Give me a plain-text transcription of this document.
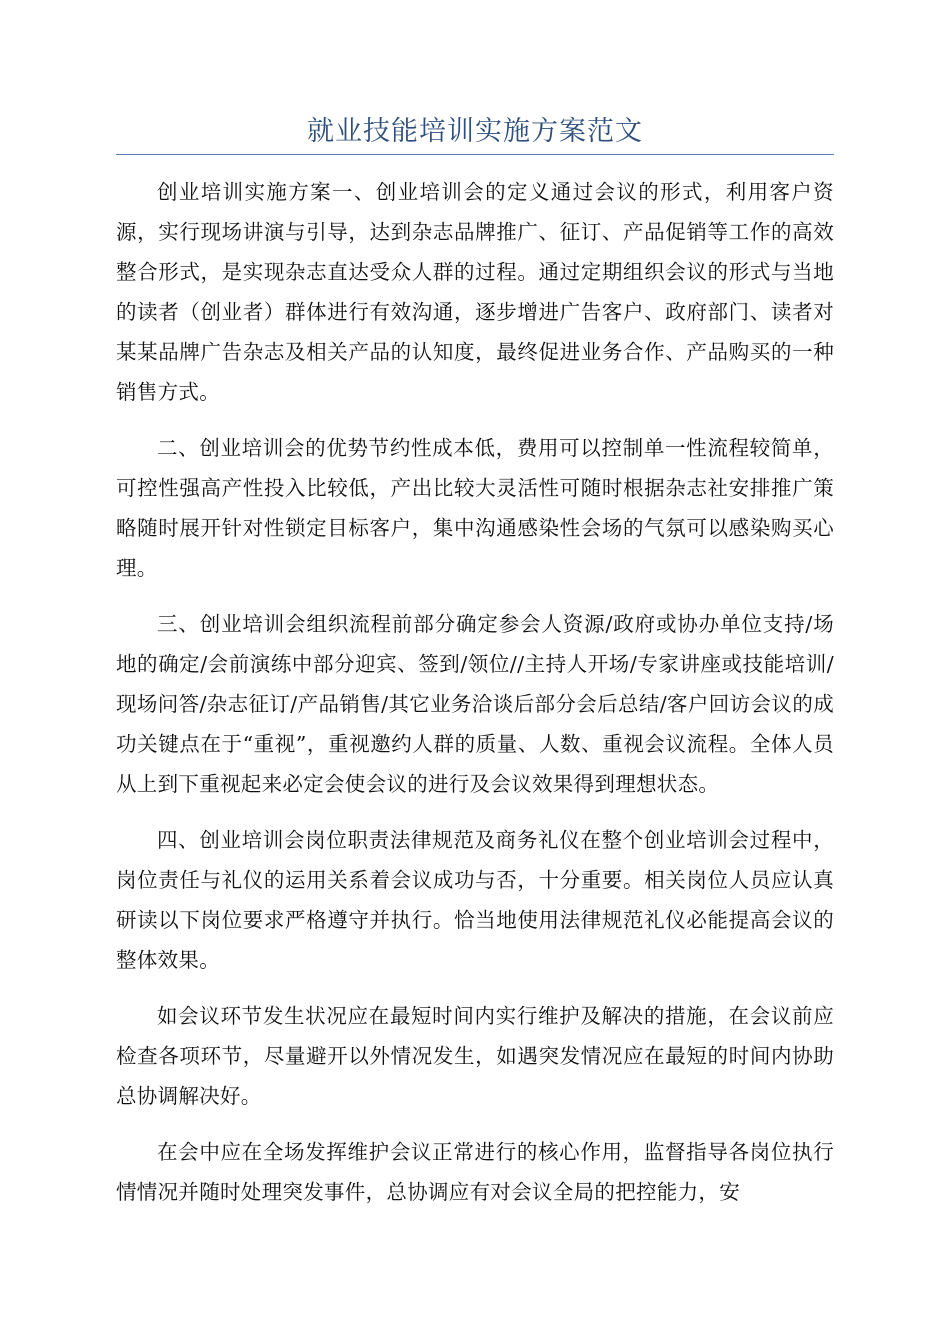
就业技能培训实施方案范文

创业培训实施方案一、创业培训会的定义通过会议的形式，利用客户资源，实行现场讲演与引导，达到杂志品牌推广、征订、产品促销等工作的高效整合形式，是实现杂志直达受众人群的过程。通过定期组织会议的形式与当地的读者（创业者）群体进行有效沟通，逐步增进广告客户、政府部门、读者对某某品牌广告杂志及相关产品的认知度，最终促进业务合作、产品购买的一种销售方式。

二、创业培训会的优势节约性成本低，费用可以控制单一性流程较简单，可控性强高产性投入比较低，产出比较大灵活性可随时根据杂志社安排推广策略随时展开针对性锁定目标客户，集中沟通感染性会场的气氛可以感染购买心理。

三、创业培训会组织流程前部分确定参会人资源/政府或协办单位支持/场地的确定/会前演练中部分迎宾、签到/领位//主持人开场/专家讲座或技能培训/现场问答/杂志征订/产品销售/其它业务洽谈后部分会后总结/客户回访会议的成功关键点在于“重视”，重视邀约人群的质量、人数、重视会议流程。全体人员从上到下重视起来必定会使会议的进行及会议效果得到理想状态。

四、创业培训会岗位职责法律规范及商务礼仪在整个创业培训会过程中，岗位责任与礼仪的运用关系着会议成功与否，十分重要。相关岗位人员应认真研读以下岗位要求严格遵守并执行。恰当地使用法律规范礼仪必能提高会议的整体效果。

如会议环节发生状况应在最短时间内实行维护及解决的措施，在会议前应检查各项环节，尽量避开以外情况发生，如遇突发情况应在最短的时间内协助总协调解决好。

在会中应在全场发挥维护会议正常进行的核心作用，监督指导各岗位执行情情况并随时处理突发事件，总协调应有对会议全局的把控能力，安
